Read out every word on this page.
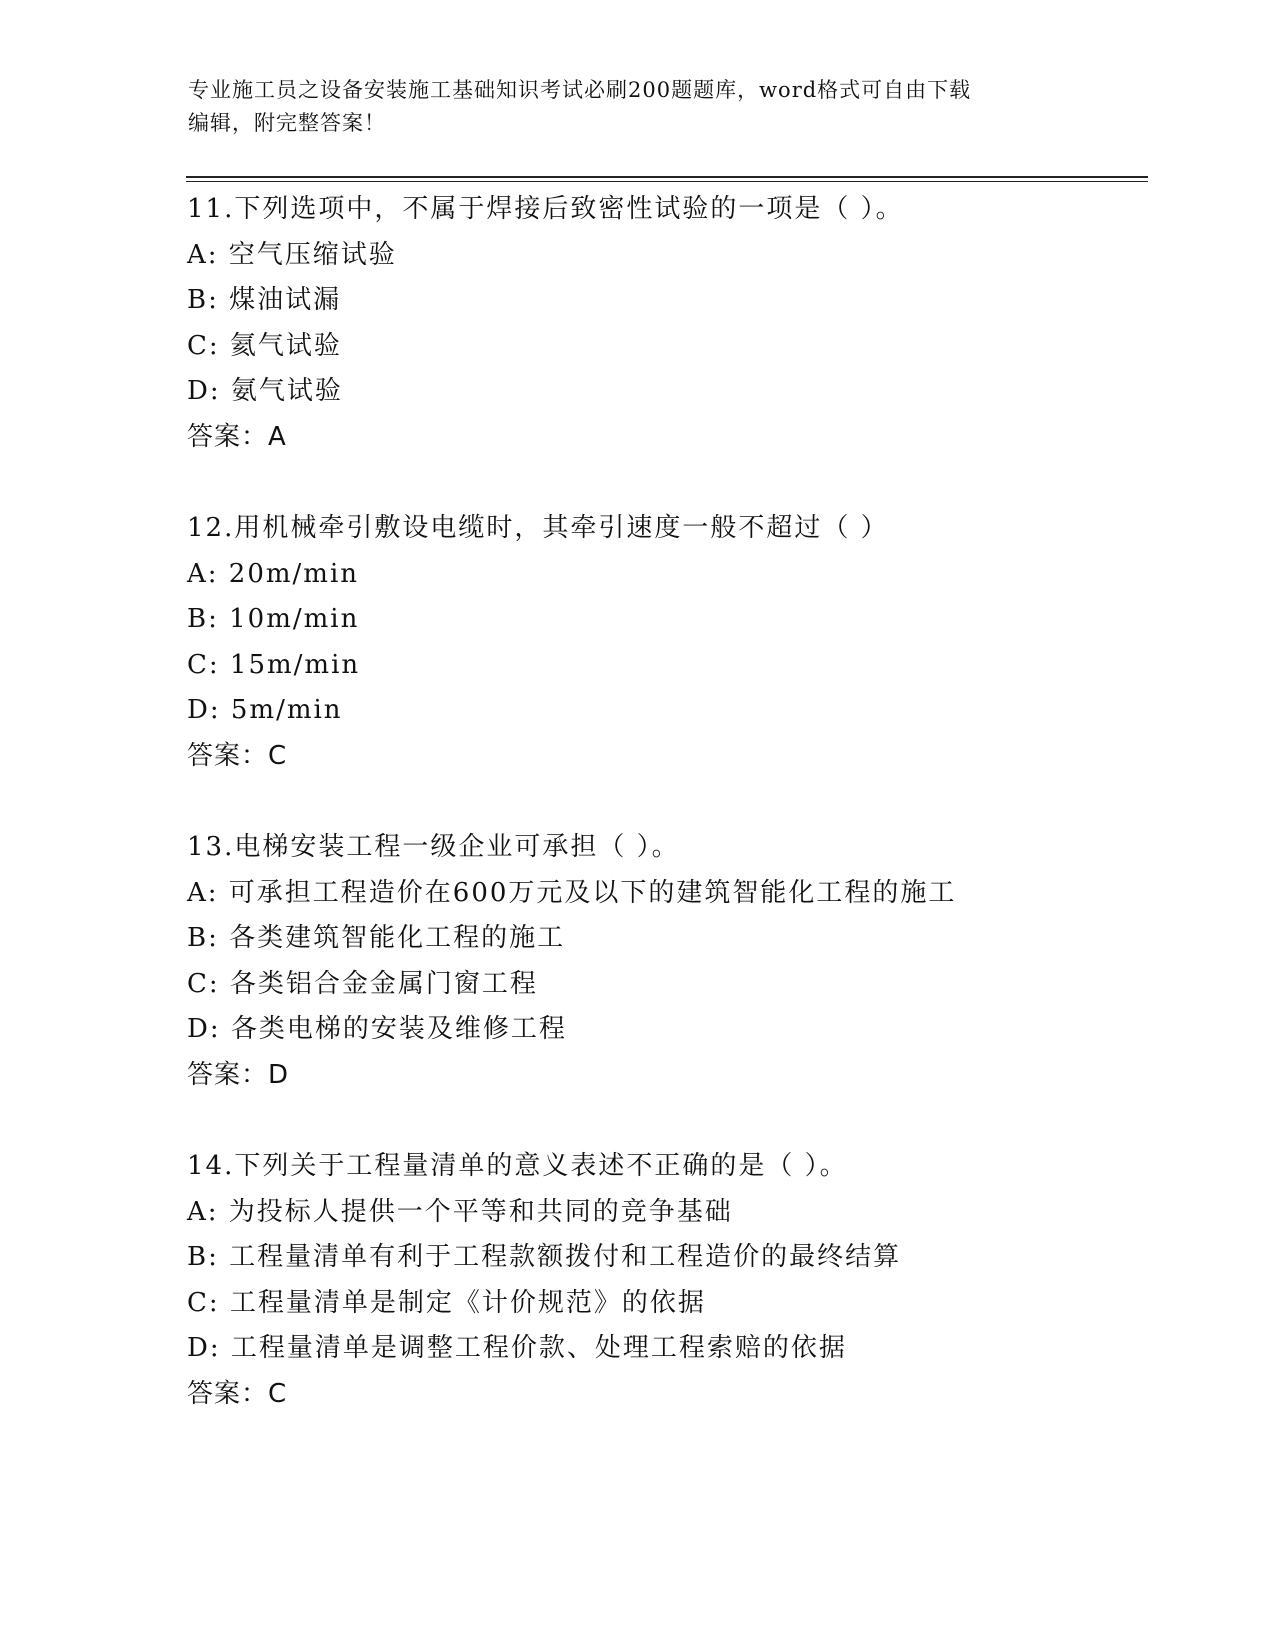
专业施工员之设备安装施工基础知识考试必刷200题题库，word格式可自由下载
编辑，附完整答案！
11.下列选项中，不属于焊接后致密性试验的一项是（ ）。
A: 空气压缩试验
B: 煤油试漏
C: 氦气试验
D: 氨气试验
答案：A
12.用机械牵引敷设电缆时，其牵引速度一般不超过（ ）
A: 20m/min
B: 10m/min
C: 15m/min
D: 5m/min
答案：C
13.电梯安装工程一级企业可承担（ ）。
A: 可承担工程造价在600万元及以下的建筑智能化工程的施工
B: 各类建筑智能化工程的施工
C: 各类铝合金金属门窗工程
D: 各类电梯的安装及维修工程
答案：D
14.下列关于工程量清单的意义表述不正确的是（ ）。
A: 为投标人提供一个平等和共同的竞争基础
B: 工程量清单有利于工程款额拨付和工程造价的最终结算
C: 工程量清单是制定《计价规范》的依据
D: 工程量清单是调整工程价款、处理工程索赔的依据
答案：C
